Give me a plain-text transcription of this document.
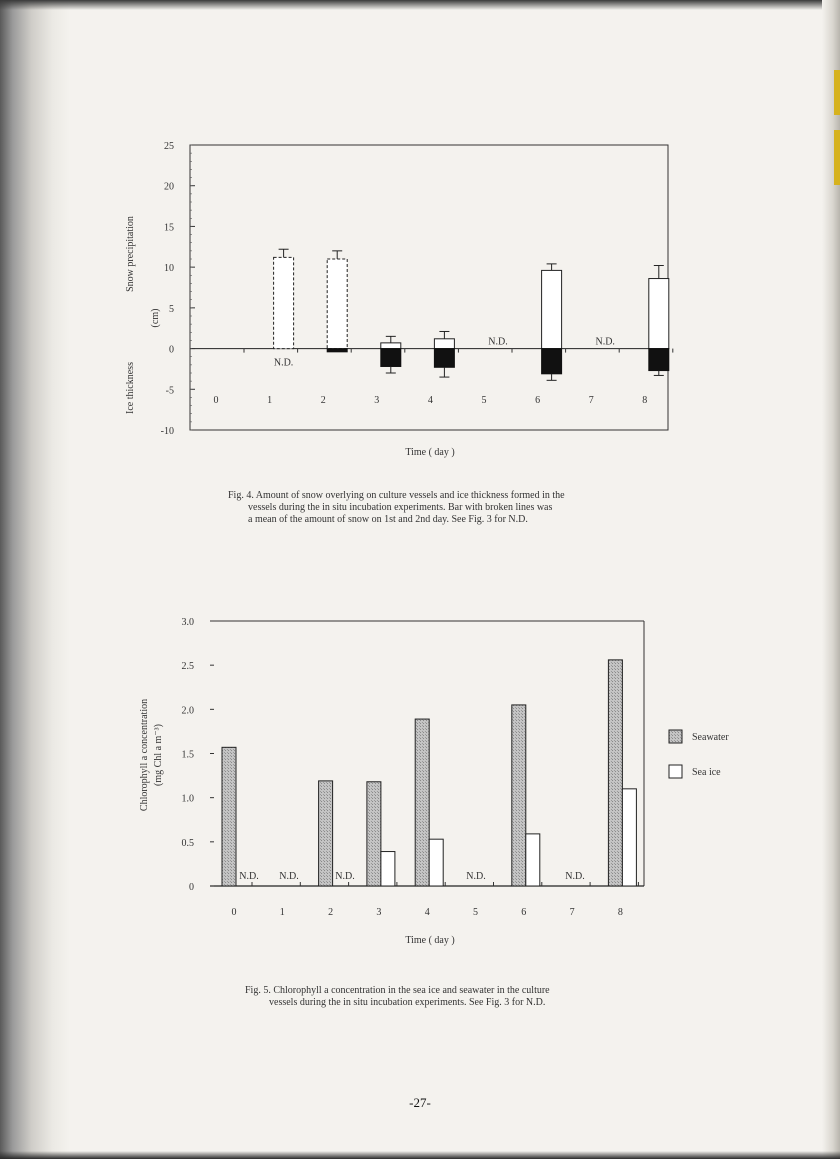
25
20
15
10
5
0
-5
-10
0	1	2	3	4	5	6	7	8
N.D.
N.D.	N.D.
Snow precipitation
(cm)
Ice thickness
Time ( day )
3.0
2.5
2.0
1.5
1.0
0.5
0
0	1	2	3	4	5	6	7	8
N.D. N.D.	N.D.	N.D.	N.D.
Seawater
Sea ice
Chlorophyll a concentration (mg Chl a m⁻³)
Time ( day )
Fig. 4. Amount of snow overlying on culture vessels and ice thickness formed in the
vessels during the in situ incubation experiments. Bar with broken lines was
a mean of the amount of snow on 1st and 2nd day. See Fig. 3 for N.D.
Fig. 5. Chlorophyll a concentration in the sea ice and seawater in the culture
vessels during the in situ incubation experiments. See Fig. 3 for N.D.
-27-
